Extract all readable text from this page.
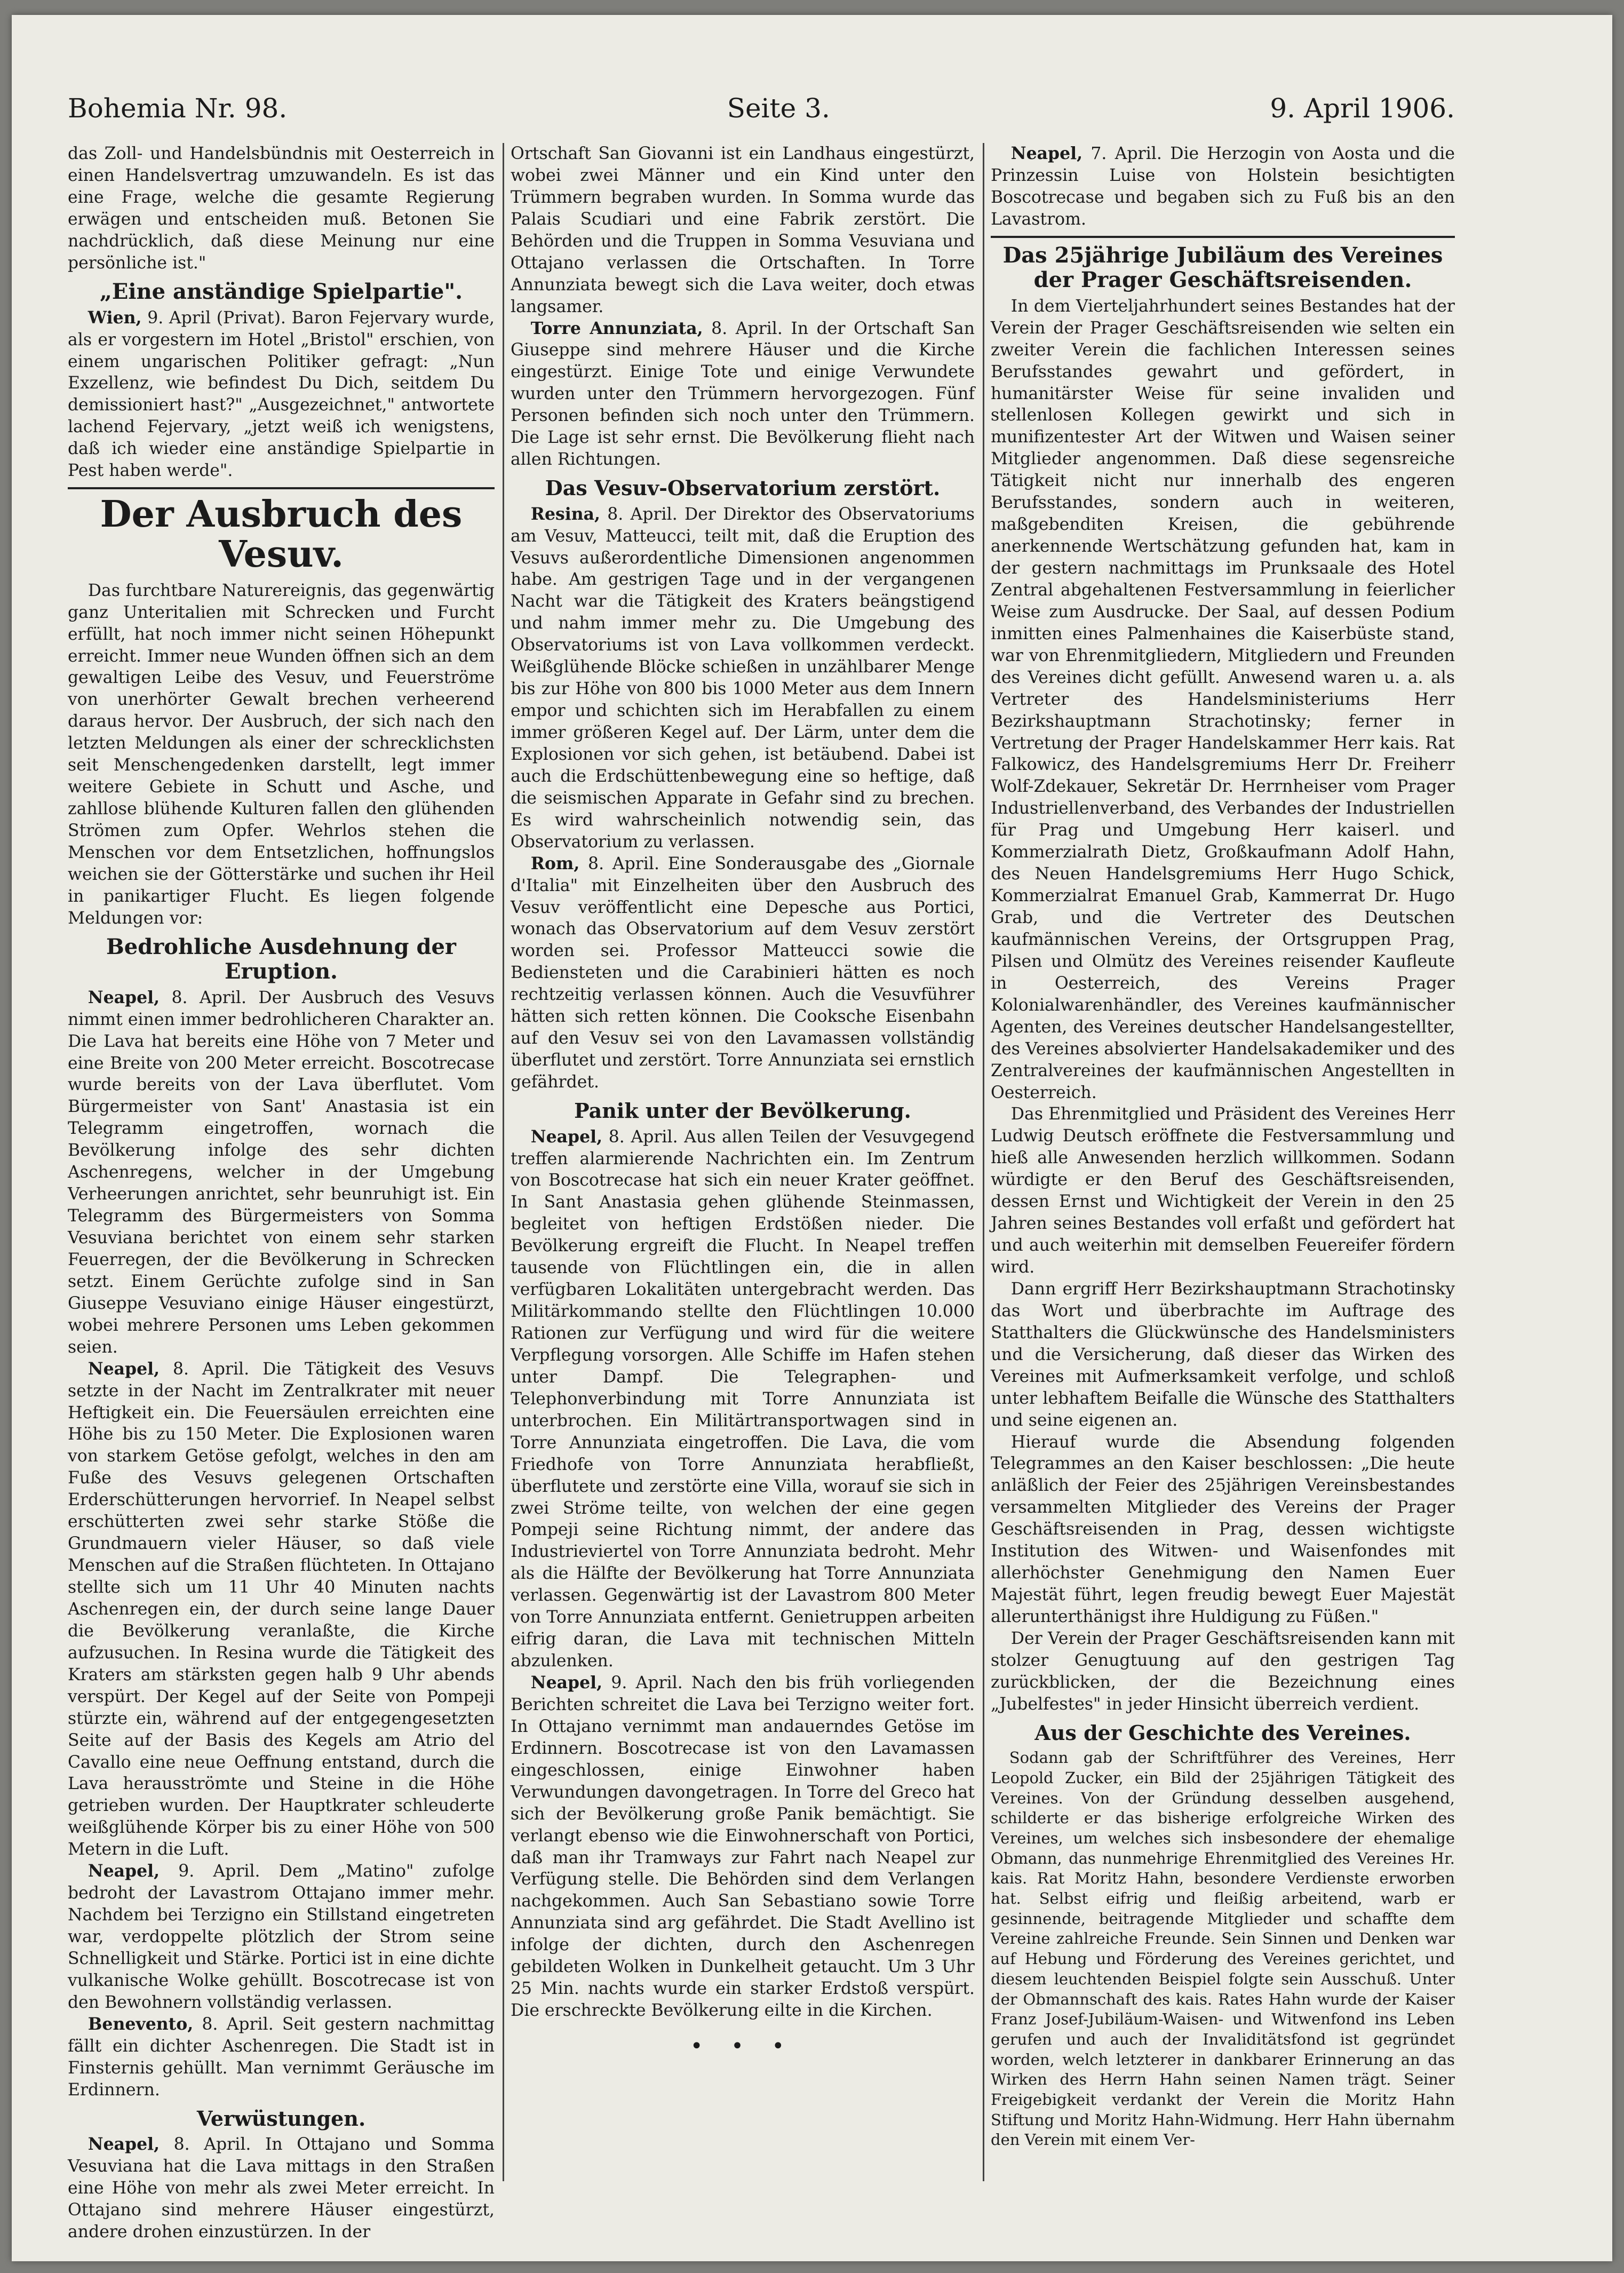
Bohemia Nr. 98.	Seite 3.	9. April 1906.

das Zoll- und Handelsbündnis mit Oesterreich in einen Handelsvertrag umzuwandeln. Es ist das eine Frage, welche die gesamte Regierung erwägen und entscheiden muß. Betonen Sie nachdrücklich, daß diese Meinung nur eine persönliche ist."

„Eine anständige Spielpartie".

Wien, 9. April (Privat). Baron Fejervary wurde, als er vorgestern im Hotel „Bristol" erschien, von einem ungarischen Politiker gefragt: „Nun Exzellenz, wie befindest Du Dich, seitdem Du demissioniert hast?" „Ausgezeichnet," antwortete lachend Fejervary, „jetzt weiß ich wenigstens, daß ich wieder eine anständige Spielpartie in Pest haben werde".

Der Ausbruch des Vesuv.

Das furchtbare Naturereignis, das gegenwärtig ganz Unteritalien mit Schrecken und Furcht erfüllt, hat noch immer nicht seinen Höhepunkt erreicht. Immer neue Wunden öffnen sich an dem gewaltigen Leibe des Vesuv, und Feuerströme von unerhörter Gewalt brechen verheerend daraus hervor. Der Ausbruch, der sich nach den letzten Meldungen als einer der schrecklichsten seit Menschengedenken darstellt, legt immer weitere Gebiete in Schutt und Asche, und zahllose blühende Kulturen fallen den glühenden Strömen zum Opfer. Wehrlos stehen die Menschen vor dem Entsetzlichen, hoffnungslos weichen sie der Götterstärke und suchen ihr Heil in panikartiger Flucht. Es liegen folgende Meldungen vor:

Bedrohliche Ausdehnung der Eruption.

Neapel, 8. April. Der Ausbruch des Vesuvs nimmt einen immer bedrohlicheren Charakter an. Die Lava hat bereits eine Höhe von 7 Meter und eine Breite von 200 Meter erreicht. Boscotrecase wurde bereits von der Lava überflutet. Vom Bürgermeister von Sant' Anastasia ist ein Telegramm eingetroffen, wornach die Bevölkerung infolge des sehr dichten Aschenregens, welcher in der Umgebung Verheerungen anrichtet, sehr beunruhigt ist. Ein Telegramm des Bürgermeisters von Somma Vesuviana berichtet von einem sehr starken Feuerregen, der die Bevölkerung in Schrecken setzt. Einem Gerüchte zufolge sind in San Giuseppe Vesuviano einige Häuser eingestürzt, wobei mehrere Personen ums Leben gekommen seien.

Neapel, 8. April. Die Tätigkeit des Vesuvs setzte in der Nacht im Zentralkrater mit neuer Heftigkeit ein. Die Feuersäulen erreichten eine Höhe bis zu 150 Meter. Die Explosionen waren von starkem Getöse gefolgt, welches in den am Fuße des Vesuvs gelegenen Ortschaften Erderschütterungen hervorrief. In Neapel selbst erschütterten zwei sehr starke Stöße die Grundmauern vieler Häuser, so daß viele Menschen auf die Straßen flüchteten. In Ottajano stellte sich um 11 Uhr 40 Minuten nachts Aschenregen ein, der durch seine lange Dauer die Bevölkerung veranlaßte, die Kirche aufzusuchen. In Resina wurde die Tätigkeit des Kraters am stärksten gegen halb 9 Uhr abends verspürt. Der Kegel auf der Seite von Pompeji stürzte ein, während auf der entgegengesetzten Seite auf der Basis des Kegels am Atrio del Cavallo eine neue Oeffnung entstand, durch die Lava herausströmte und Steine in die Höhe getrieben wurden. Der Hauptkrater schleuderte weißglühende Körper bis zu einer Höhe von 500 Metern in die Luft.

Neapel, 9. April. Dem „Matino" zufolge bedroht der Lavastrom Ottajano immer mehr. Nachdem bei Terzigno ein Stillstand eingetreten war, verdoppelte plötzlich der Strom seine Schnelligkeit und Stärke. Portici ist in eine dichte vulkanische Wolke gehüllt. Boscotrecase ist von den Bewohnern vollständig verlassen.

Benevento, 8. April. Seit gestern nachmittag fällt ein dichter Aschenregen. Die Stadt ist in Finsternis gehüllt. Man vernimmt Geräusche im Erdinnern.

Verwüstungen.

Neapel, 8. April. In Ottajano und Somma Vesuviana hat die Lava mittags in den Straßen eine Höhe von mehr als zwei Meter erreicht. In Ottajano sind mehrere Häuser eingestürzt, andere drohen einzustürzen. In der

Ortschaft San Giovanni ist ein Landhaus eingestürzt, wobei zwei Männer und ein Kind unter den Trümmern begraben wurden. In Somma wurde das Palais Scudiari und eine Fabrik zerstört. Die Behörden und die Truppen in Somma Vesuviana und Ottajano verlassen die Ortschaften. In Torre Annunziata bewegt sich die Lava weiter, doch etwas langsamer.

Torre Annunziata, 8. April. In der Ortschaft San Giuseppe sind mehrere Häuser und die Kirche eingestürzt. Einige Tote und einige Verwundete wurden unter den Trümmern hervorgezogen. Fünf Personen befinden sich noch unter den Trümmern. Die Lage ist sehr ernst. Die Bevölkerung flieht nach allen Richtungen.

Das Vesuv-Observatorium zerstört.

Resina, 8. April. Der Direktor des Observatoriums am Vesuv, Matteucci, teilt mit, daß die Eruption des Vesuvs außerordentliche Dimensionen angenommen habe. Am gestrigen Tage und in der vergangenen Nacht war die Tätigkeit des Kraters beängstigend und nahm immer mehr zu. Die Umgebung des Observatoriums ist von Lava vollkommen verdeckt. Weißglühende Blöcke schießen in unzählbarer Menge bis zur Höhe von 800 bis 1000 Meter aus dem Innern empor und schichten sich im Herabfallen zu einem immer größeren Kegel auf. Der Lärm, unter dem die Explosionen vor sich gehen, ist betäubend. Dabei ist auch die Erdschüttenbewegung eine so heftige, daß die seismischen Apparate in Gefahr sind zu brechen. Es wird wahrscheinlich notwendig sein, das Observatorium zu verlassen.

Rom, 8. April. Eine Sonderausgabe des „Giornale d'Italia" mit Einzelheiten über den Ausbruch des Vesuv veröffentlicht eine Depesche aus Portici, wonach das Observatorium auf dem Vesuv zerstört worden sei. Professor Matteucci sowie die Bediensteten und die Carabinieri hätten es noch rechtzeitig verlassen können. Auch die Vesuvführer hätten sich retten können. Die Cooksche Eisenbahn auf den Vesuv sei von den Lavamassen vollständig überflutet und zerstört. Torre Annunziata sei ernstlich gefährdet.

Panik unter der Bevölkerung.

Neapel, 8. April. Aus allen Teilen der Vesuvgegend treffen alarmierende Nachrichten ein. Im Zentrum von Boscotrecase hat sich ein neuer Krater geöffnet. In Sant Anastasia gehen glühende Steinmassen, begleitet von heftigen Erdstößen nieder. Die Bevölkerung ergreift die Flucht. In Neapel treffen tausende von Flüchtlingen ein, die in allen verfügbaren Lokalitäten untergebracht werden. Das Militärkommando stellte den Flüchtlingen 10.000 Rationen zur Verfügung und wird für die weitere Verpflegung vorsorgen. Alle Schiffe im Hafen stehen unter Dampf. Die Telegraphen- und Telephonverbindung mit Torre Annunziata ist unterbrochen. Ein Militärtransportwagen sind in Torre Annunziata eingetroffen. Die Lava, die vom Friedhofe von Torre Annunziata herabfließt, überflutete und zerstörte eine Villa, worauf sie sich in zwei Ströme teilte, von welchen der eine gegen Pompeji seine Richtung nimmt, der andere das Industrieviertel von Torre Annunziata bedroht. Mehr als die Hälfte der Bevölkerung hat Torre Annunziata verlassen. Gegenwärtig ist der Lavastrom 800 Meter von Torre Annunziata entfernt. Genietruppen arbeiten eifrig daran, die Lava mit technischen Mitteln abzulenken.

Neapel, 9. April. Nach den bis früh vorliegenden Berichten schreitet die Lava bei Terzigno weiter fort. In Ottajano vernimmt man andauerndes Getöse im Erdinnern. Boscotrecase ist von den Lavamassen eingeschlossen, einige Einwohner haben Verwundungen davongetragen. In Torre del Greco hat sich der Bevölkerung große Panik bemächtigt. Sie verlangt ebenso wie die Einwohnerschaft von Portici, daß man ihr Tramways zur Fahrt nach Neapel zur Verfügung stelle. Die Behörden sind dem Verlangen nachgekommen. Auch San Sebastiano sowie Torre Annunziata sind arg gefährdet. Die Stadt Avellino ist infolge der dichten, durch den Aschenregen gebildeten Wolken in Dunkelheit getaucht. Um 3 Uhr 25 Min. nachts wurde ein starker Erdstoß verspürt. Die erschreckte Bevölkerung eilte in die Kirchen.

• • •

Neapel, 7. April. Die Herzogin von Aosta und die Prinzessin Luise von Holstein besichtigten Boscotrecase und begaben sich zu Fuß bis an den Lavastrom.

Das 25jährige Jubiläum des Vereines der Prager Geschäftsreisenden.

In dem Vierteljahrhundert seines Bestandes hat der Verein der Prager Geschäftsreisenden wie selten ein zweiter Verein die fachlichen Interessen seines Berufsstandes gewahrt und gefördert, in humanitärster Weise für seine invaliden und stellenlosen Kollegen gewirkt und sich in munifizentester Art der Witwen und Waisen seiner Mitglieder angenommen. Daß diese segensreiche Tätigkeit nicht nur innerhalb des engeren Berufsstandes, sondern auch in weiteren, maßgebenditen Kreisen, die gebührende anerkennende Wertschätzung gefunden hat, kam in der gestern nachmittags im Prunksaale des Hotel Zentral abgehaltenen Festversammlung in feierlicher Weise zum Ausdrucke. Der Saal, auf dessen Podium inmitten eines Palmenhaines die Kaiserbüste stand, war von Ehrenmitgliedern, Mitgliedern und Freunden des Vereines dicht gefüllt. Anwesend waren u. a. als Vertreter des Handelsministeriums Herr Bezirkshauptmann Strachotinsky; ferner in Vertretung der Prager Handelskammer Herr kais. Rat Falkowicz, des Handelsgremiums Herr Dr. Freiherr Wolf-Zdekauer, Sekretär Dr. Herrnheiser vom Prager Industriellenverband, des Verbandes der Industriellen für Prag und Umgebung Herr kaiserl. und Kommerzialrath Dietz, Großkaufmann Adolf Hahn, des Neuen Handelsgremiums Herr Hugo Schick, Kommerzialrat Emanuel Grab, Kammerrat Dr. Hugo Grab, und die Vertreter des Deutschen kaufmännischen Vereins, der Ortsgruppen Prag, Pilsen und Olmütz des Vereines reisender Kaufleute in Oesterreich, des Vereins Prager Kolonialwarenhändler, des Vereines kaufmännischer Agenten, des Vereines deutscher Handelsangestellter, des Vereines absolvierter Handelsakademiker und des Zentralvereines der kaufmännischen Angestellten in Oesterreich.

Das Ehrenmitglied und Präsident des Vereines Herr Ludwig Deutsch eröffnete die Festversammlung und hieß alle Anwesenden herzlich willkommen. Sodann würdigte er den Beruf des Geschäftsreisenden, dessen Ernst und Wichtigkeit der Verein in den 25 Jahren seines Bestandes voll erfaßt und gefördert hat und auch weiterhin mit demselben Feuereifer fördern wird.

Dann ergriff Herr Bezirkshauptmann Strachotinsky das Wort und überbrachte im Auftrage des Statthalters die Glückwünsche des Handelsministers und die Versicherung, daß dieser das Wirken des Vereines mit Aufmerksamkeit verfolge, und schloß unter lebhaftem Beifalle die Wünsche des Statthalters und seine eigenen an.

Hierauf wurde die Absendung folgenden Telegrammes an den Kaiser beschlossen: „Die heute anläßlich der Feier des 25jährigen Vereinsbestandes versammelten Mitglieder des Vereins der Prager Geschäftsreisenden in Prag, dessen wichtigste Institution des Witwen- und Waisenfondes mit allerhöchster Genehmigung den Namen Euer Majestät führt, legen freudig bewegt Euer Majestät allerunterthänigst ihre Huldigung zu Füßen."

Der Verein der Prager Geschäftsreisenden kann mit stolzer Genugtuung auf den gestrigen Tag zurückblicken, der die Bezeichnung eines „Jubelfestes" in jeder Hinsicht überreich verdient.

Aus der Geschichte des Vereines.

Sodann gab der Schriftführer des Vereines, Herr Leopold Zucker, ein Bild der 25jährigen Tätigkeit des Vereines. Von der Gründung desselben ausgehend, schilderte er das bisherige erfolgreiche Wirken des Vereines, um welches sich insbesondere der ehemalige Obmann, das nunmehrige Ehrenmitglied des Vereines Hr. kais. Rat Moritz Hahn, besondere Verdienste erworben hat. Selbst eifrig und fleißig arbeitend, warb er gesinnende, beitragende Mitglieder und schaffte dem Vereine zahlreiche Freunde. Sein Sinnen und Denken war auf Hebung und Förderung des Vereines gerichtet, und diesem leuchtenden Beispiel folgte sein Ausschuß. Unter der Obmannschaft des kais. Rates Hahn wurde der Kaiser Franz Josef-Jubiläum-Waisen- und Witwenfond ins Leben gerufen und auch der Invaliditätsfond ist gegründet worden, welch letzterer in dankbarer Erinnerung an das Wirken des Herrn Hahn seinen Namen trägt. Seiner Freigebigkeit verdankt der Verein die Moritz Hahn Stiftung und Moritz Hahn-Widmung. Herr Hahn übernahm den Verein mit einem Ver-
